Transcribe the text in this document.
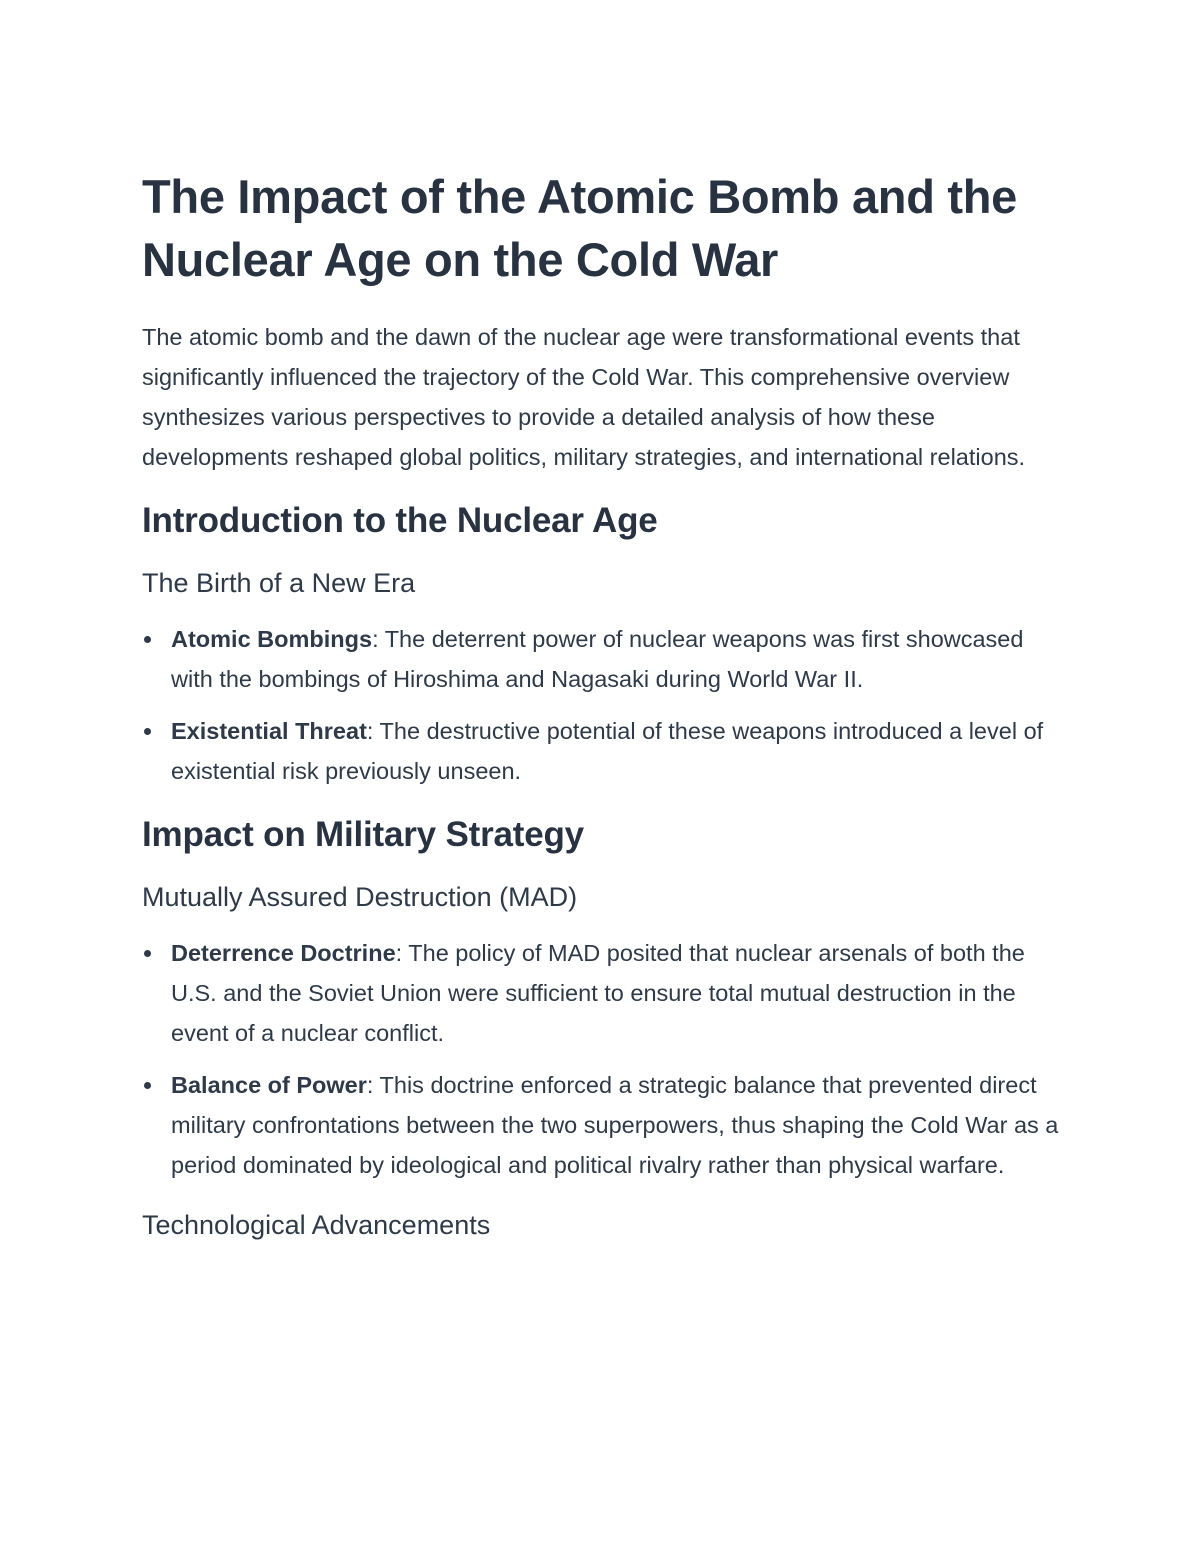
The Impact of the Atomic Bomb and the Nuclear Age on the Cold War

The atomic bomb and the dawn of the nuclear age were transformational events that significantly influenced the trajectory of the Cold War. This comprehensive overview synthesizes various perspectives to provide a detailed analysis of how these developments reshaped global politics, military strategies, and international relations.

Introduction to the Nuclear Age
The Birth of a New Era
Atomic Bombings: The deterrent power of nuclear weapons was first showcased with the bombings of Hiroshima and Nagasaki during World War II.
Existential Threat: The destructive potential of these weapons introduced a level of existential risk previously unseen.
Impact on Military Strategy
Mutually Assured Destruction (MAD)
Deterrence Doctrine: The policy of MAD posited that nuclear arsenals of both the U.S. and the Soviet Union were sufficient to ensure total mutual destruction in the event of a nuclear conflict.
Balance of Power: This doctrine enforced a strategic balance that prevented direct military confrontations between the two superpowers, thus shaping the Cold War as a period dominated by ideological and political rivalry rather than physical warfare.
Technological Advancements
